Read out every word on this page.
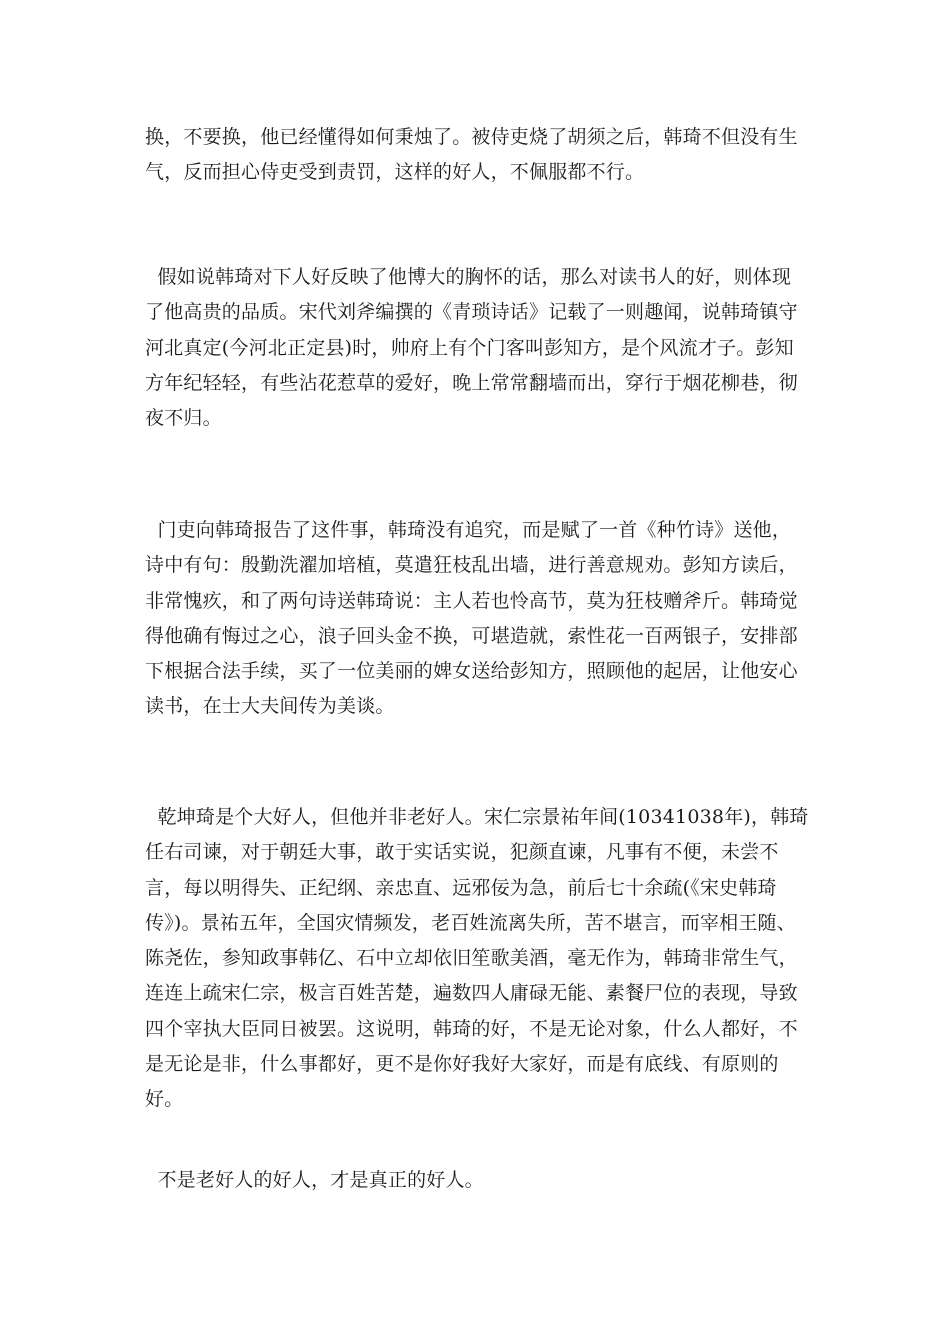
换，不要换，他已经懂得如何秉烛了。被侍吏烧了胡须之后，韩琦不但没有生气，反而担心侍吏受到责罚，这样的好人，不佩服都不行。

假如说韩琦对下人好反映了他博大的胸怀的话，那么对读书人的好，则体现了他高贵的品质。宋代刘斧编撰的《青琐诗话》记载了一则趣闻，说韩琦镇守河北真定(今河北正定县)时，帅府上有个门客叫彭知方，是个风流才子。彭知方年纪轻轻，有些沾花惹草的爱好，晚上常常翻墙而出，穿行于烟花柳巷，彻夜不归。

门吏向韩琦报告了这件事，韩琦没有追究，而是赋了一首《种竹诗》送他，诗中有句：殷勤洗濯加培植，莫遣狂枝乱出墙，进行善意规劝。彭知方读后，非常愧疚，和了两句诗送韩琦说：主人若也怜高节，莫为狂枝赠斧斤。韩琦觉得他确有悔过之心，浪子回头金不换，可堪造就，索性花一百两银子，安排部下根据合法手续，买了一位美丽的婢女送给彭知方，照顾他的起居，让他安心读书，在士大夫间传为美谈。

乾坤琦是个大好人，但他并非老好人。宋仁宗景祐年间(10341038年)，韩琦任右司谏，对于朝廷大事，敢于实话实说，犯颜直谏，凡事有不便，未尝不言，每以明得失、正纪纲、亲忠直、远邪佞为急，前后七十余疏(《宋史韩琦传》)。景祐五年，全国灾情频发，老百姓流离失所，苦不堪言，而宰相王随、陈尧佐，参知政事韩亿、石中立却依旧笙歌美酒，毫无作为，韩琦非常生气，连连上疏宋仁宗，极言百姓苦楚，遍数四人庸碌无能、素餐尸位的表现，导致四个宰执大臣同日被罢。这说明，韩琦的好，不是无论对象，什么人都好，不是无论是非，什么事都好，更不是你好我好大家好，而是有底线、有原则的好。

不是老好人的好人，才是真正的好人。
